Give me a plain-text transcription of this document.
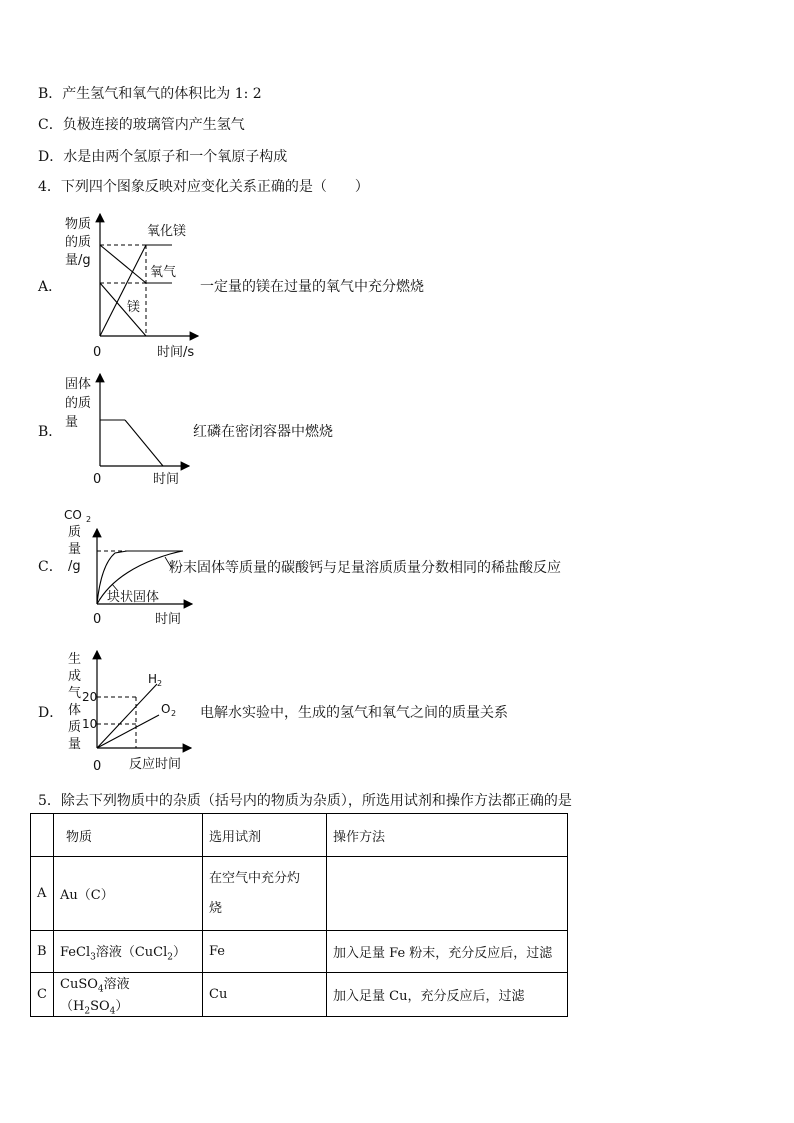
B．产生氢气和氧气的体积比为 1: 2
C．负极连接的玻璃管内产生氢气
D．水是由两个氢原子和一个氧原子构成
4．下列四个图象反映对应变化关系正确的是（　　）
A．
物质
的质
量/g
氧化镁
氧气
镁
0	时间/s
一定量的镁在过量的氧气中充分燃烧
B．
固体
的质
量
0	时间
红磷在密闭容器中燃烧
C．
CO 2
质
量
/g
块状固体
0	时间
粉末固体等质量的碳酸钙与足量溶质质量分数相同的稀盐酸反应
D．
生
成
气
体
质
量
20
10
H 2
O 2
0 反应时间
电解水实验中，生成的氢气和氧气之间的质量关系
5．除去下列物质中的杂质（括号内的物质为杂质），所选用试剂和操作方法都正确的是
	物质	选用试剂	操作方法
A	Au（C）	在空气中充分灼
烧	

B	FeCl$_3$溶液（CuCl$_2$）	Fe	加入足量 Fe 粉末，充分反应后，过滤
C	CuSO$_4$溶液$(H_2SO_4)$	Cu	加入足量 Cu，充分反应后，过滤
